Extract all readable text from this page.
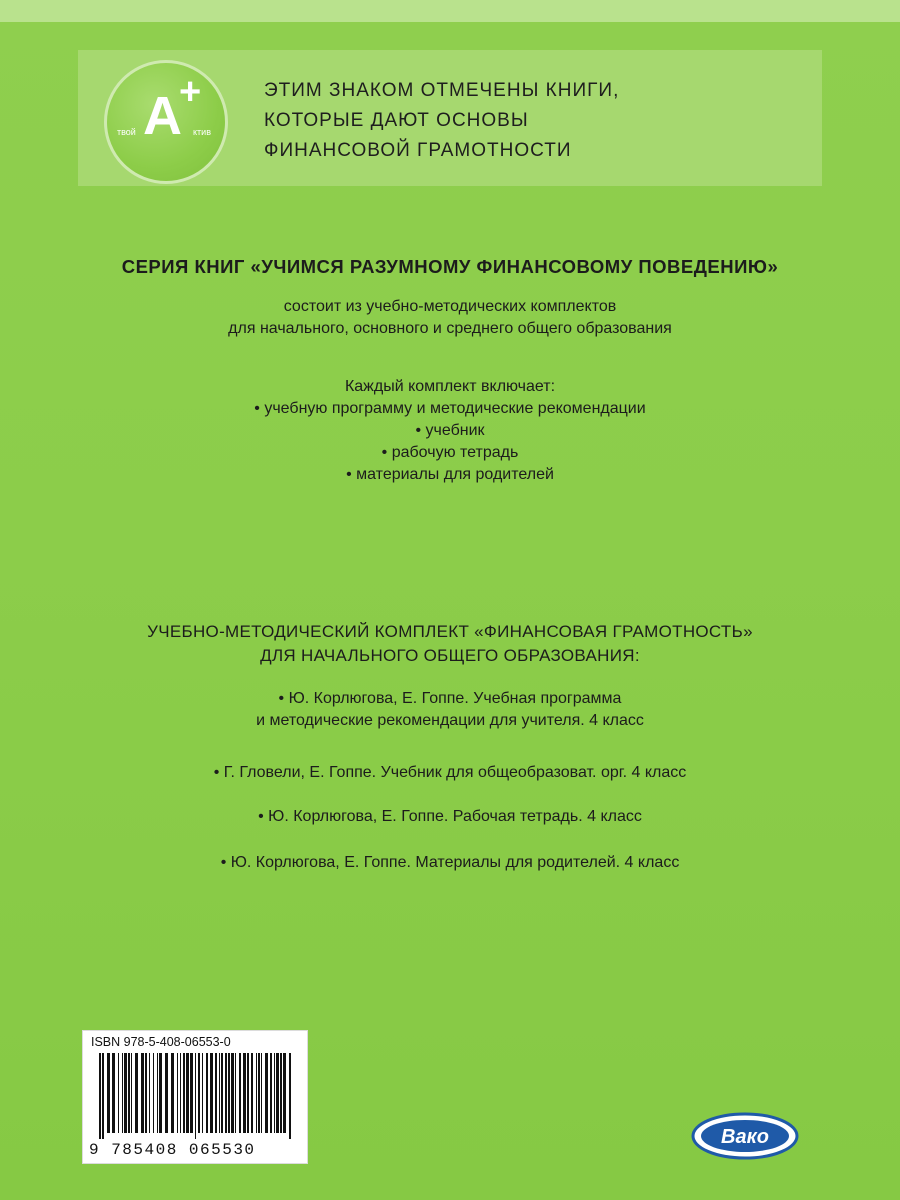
A
+
твой	ктив
ЭТИМ ЗНАКОМ ОТМЕЧЕНЫ КНИГИ,
КОТОРЫЕ ДАЮТ ОСНОВЫ
ФИНАНСОВОЙ ГРАМОТНОСТИ
СЕРИЯ КНИГ «УЧИМСЯ РАЗУМНОМУ ФИНАНСОВОМУ ПОВЕДЕНИЮ»
состоит из учебно-методических комплектов
для начального, основного и среднего общего образования
Каждый комплект включает:
• учебную программу и методические рекомендации
• учебник
• рабочую тетрадь
• материалы для родителей
УЧЕБНО-МЕТОДИЧЕСКИЙ КОМПЛЕКТ «ФИНАНСОВАЯ ГРАМОТНОСТЬ»
ДЛЯ НАЧАЛЬНОГО ОБЩЕГО ОБРАЗОВАНИЯ:
• Ю. Корлюгова, Е. Гоппе. Учебная программа
и методические рекомендации для учителя. 4 класс
• Г. Гловели, Е. Гоппе. Учебник для общеобразоват. орг. 4 класс
• Ю. Корлюгова, Е. Гоппе. Рабочая тетрадь. 4 класс
• Ю. Корлюгова, Е. Гоппе. Материалы для родителей. 4 класс
ISBN 978-5-408-06553-0
9 785408 065530
Вако
